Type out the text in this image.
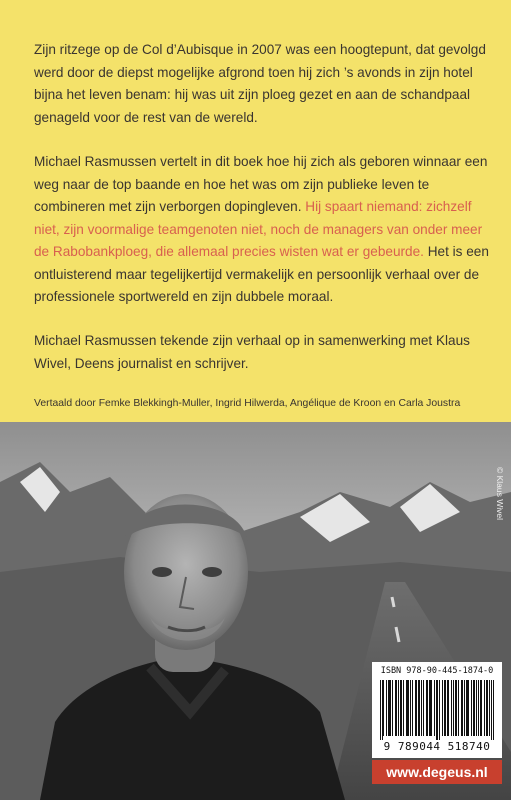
Zijn ritzege op de Col d’Aubisque in 2007 was een hoogtepunt, dat gevolgd werd door de diepst mogelijke afgrond toen hij zich ’s avonds in zijn hotel bijna het leven benam: hij was uit zijn ploeg gezet en aan de schandpaal genageld voor de rest van de wereld.
Michael Rasmussen vertelt in dit boek hoe hij zich als geboren winnaar een weg naar de top baande en hoe het was om zijn publieke leven te combineren met zijn verborgen dopingleven. Hij spaart niemand: zichzelf niet, zijn voormalige teamgenoten niet, noch de managers van onder meer de Rabobankploeg, die allemaal precies wisten wat er gebeurde. Het is een ontluisterend maar tegelijkertijd vermakelijk en persoonlijk verhaal over de professionele sportwereld en zijn dubbele moraal.
Michael Rasmussen tekende zijn verhaal op in samenwerking met Klaus Wivel, Deens journalist en schrijver.
Vertaald door Femke Blekkingh-Muller, Ingrid Hilwerda, Angélique de Kroon en Carla Joustra
© Klaus Wivel
ISBN 978-90-445-1874-0
9 789044 518740
www.degeus.nl
